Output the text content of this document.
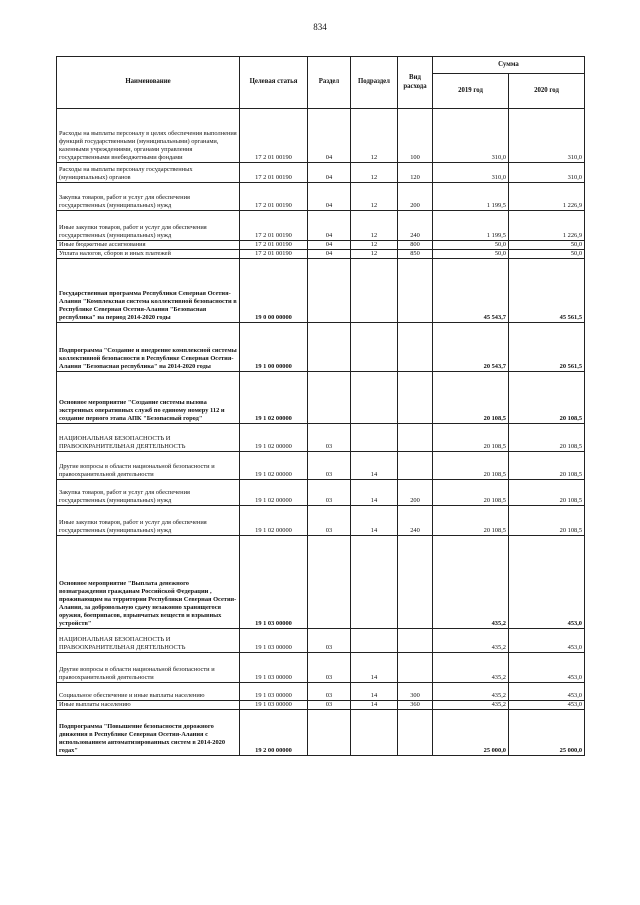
834
Наименование	Целевая статья	Раздел	Подраздел	Вид расхода	Сумма	
					2019 год	2020 год
Расходы на выплаты персоналу в целях обеспечения выполнения функций государственными (муниципальными) органами, казенными учреждениями, органами управления государственными внебюджетными фондами	17 2 01 00190	04	12	100	310,0	310,0
Расходы на выплаты персоналу государственных (муниципальных) органов	17 2 01 00190	04	12	120	310,0	310,0
Закупка товаров, работ и услуг для обеспечения государственных (муниципальных) нужд	17 2 01 00190	04	12	200	1 199,5	1 226,9
Иные закупки товаров, работ и услуг для обеспечения государственных (муниципальных) нужд	17 2 01 00190	04	12	240	1 199,5	1 226,9
Иные бюджетные ассигнования	17 2 01 00190	04	12	800	50,0	50,0
Уплата налогов, сборов и иных платежей	17 2 01 00190	04	12	850	50,0	50,0
Государственная программа Республики Северная Осетия-Алания "Комплексная система коллективной безопасности в Республике Северная Осетия-Алания "Безопасная республика" на период 2014-2020 годы	19 0 00 00000				45 543,7	45 561,5
Подпрограмма "Создание и внедрение комплексной системы коллективной безопасности в Республике Северная Осетия-Алания "Безопасная республика" на 2014-2020 годы	19 1 00 00000				20 543,7	20 561,5
Основное мероприятие "Создание системы вызова экстренных оперативных служб по единому номеру 112 и создание первого этапа АПК "Безопасный город"	19 1 02 00000				20 108,5	20 108,5
НАЦИОНАЛЬНАЯ БЕЗОПАСНОСТЬ И ПРАВООХРАНИТЕЛЬНАЯ ДЕЯТЕЛЬНОСТЬ	19 1 02 00000	03			20 108,5	20 108,5
Другие вопросы в области национальной безопасности и правоохранительной деятельности	19 1 02 00000	03	14		20 108,5	20 108,5
Закупка товаров, работ и услуг для обеспечения государственных (муниципальных) нужд	19 1 02 00000	03	14	200	20 108,5	20 108,5
Иные закупки товаров, работ и услуг для обеспечения государственных (муниципальных) нужд	19 1 02 00000	03	14	240	20 108,5	20 108,5
Основное мероприятие "Выплата денежного вознаграждения гражданам Российской Федерации , проживающим на территории Республики Северная Осетия-Алания, за добровольную сдачу незаконно хранящегося оружия, боеприпасов, взрывчатых веществ и взрывных устройств"	19 1 03 00000				435,2	453,0
НАЦИОНАЛЬНАЯ БЕЗОПАСНОСТЬ И ПРАВООХРАНИТЕЛЬНАЯ ДЕЯТЕЛЬНОСТЬ	19 1 03 00000	03			435,2	453,0
Другие вопросы в области национальной безопасности и правоохранительной деятельности	19 1 03 00000	03	14		435,2	453,0
Социальное обеспечение и иные выплаты населению	19 1 03 00000	03	14	300	435,2	453,0
Иные выплаты населению	19 1 03 00000	03	14	360	435,2	453,0
Подпрограмма "Повышение безопасности дорожного движения в Республике Северная Осетия-Алания с использованием автоматизированных систем в 2014-2020 годах"	19 2 00 00000				25 000,0	25 000,0
